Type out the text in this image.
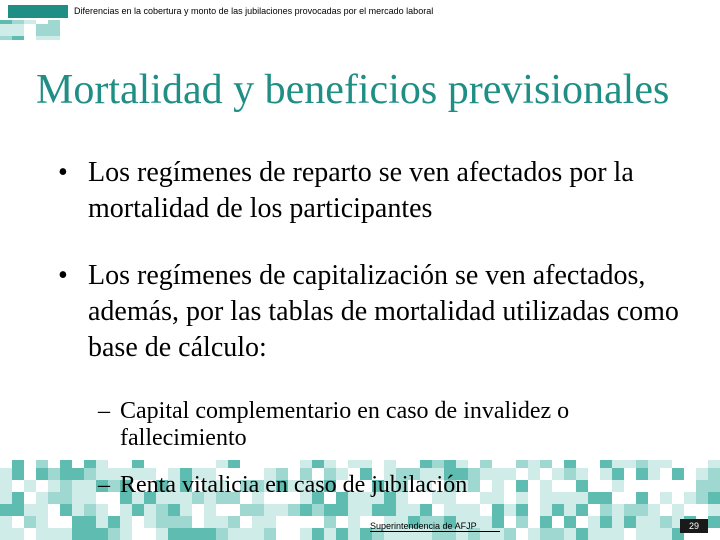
Diferencias en la cobertura y monto de las jubilaciones provocadas por el mercado laboral
Mortalidad y beneficios previsionales
• Los regímenes de reparto se ven afectados por la mortalidad de los participantes
• Los regímenes de capitalización se ven afectados, además, por las tablas de mortalidad utilizadas como base de cálculo:
– Capital complementario en caso de invalidez o fallecimiento
– Renta vitalicia en caso de jubilación
Superintendencia de AFJP	29
